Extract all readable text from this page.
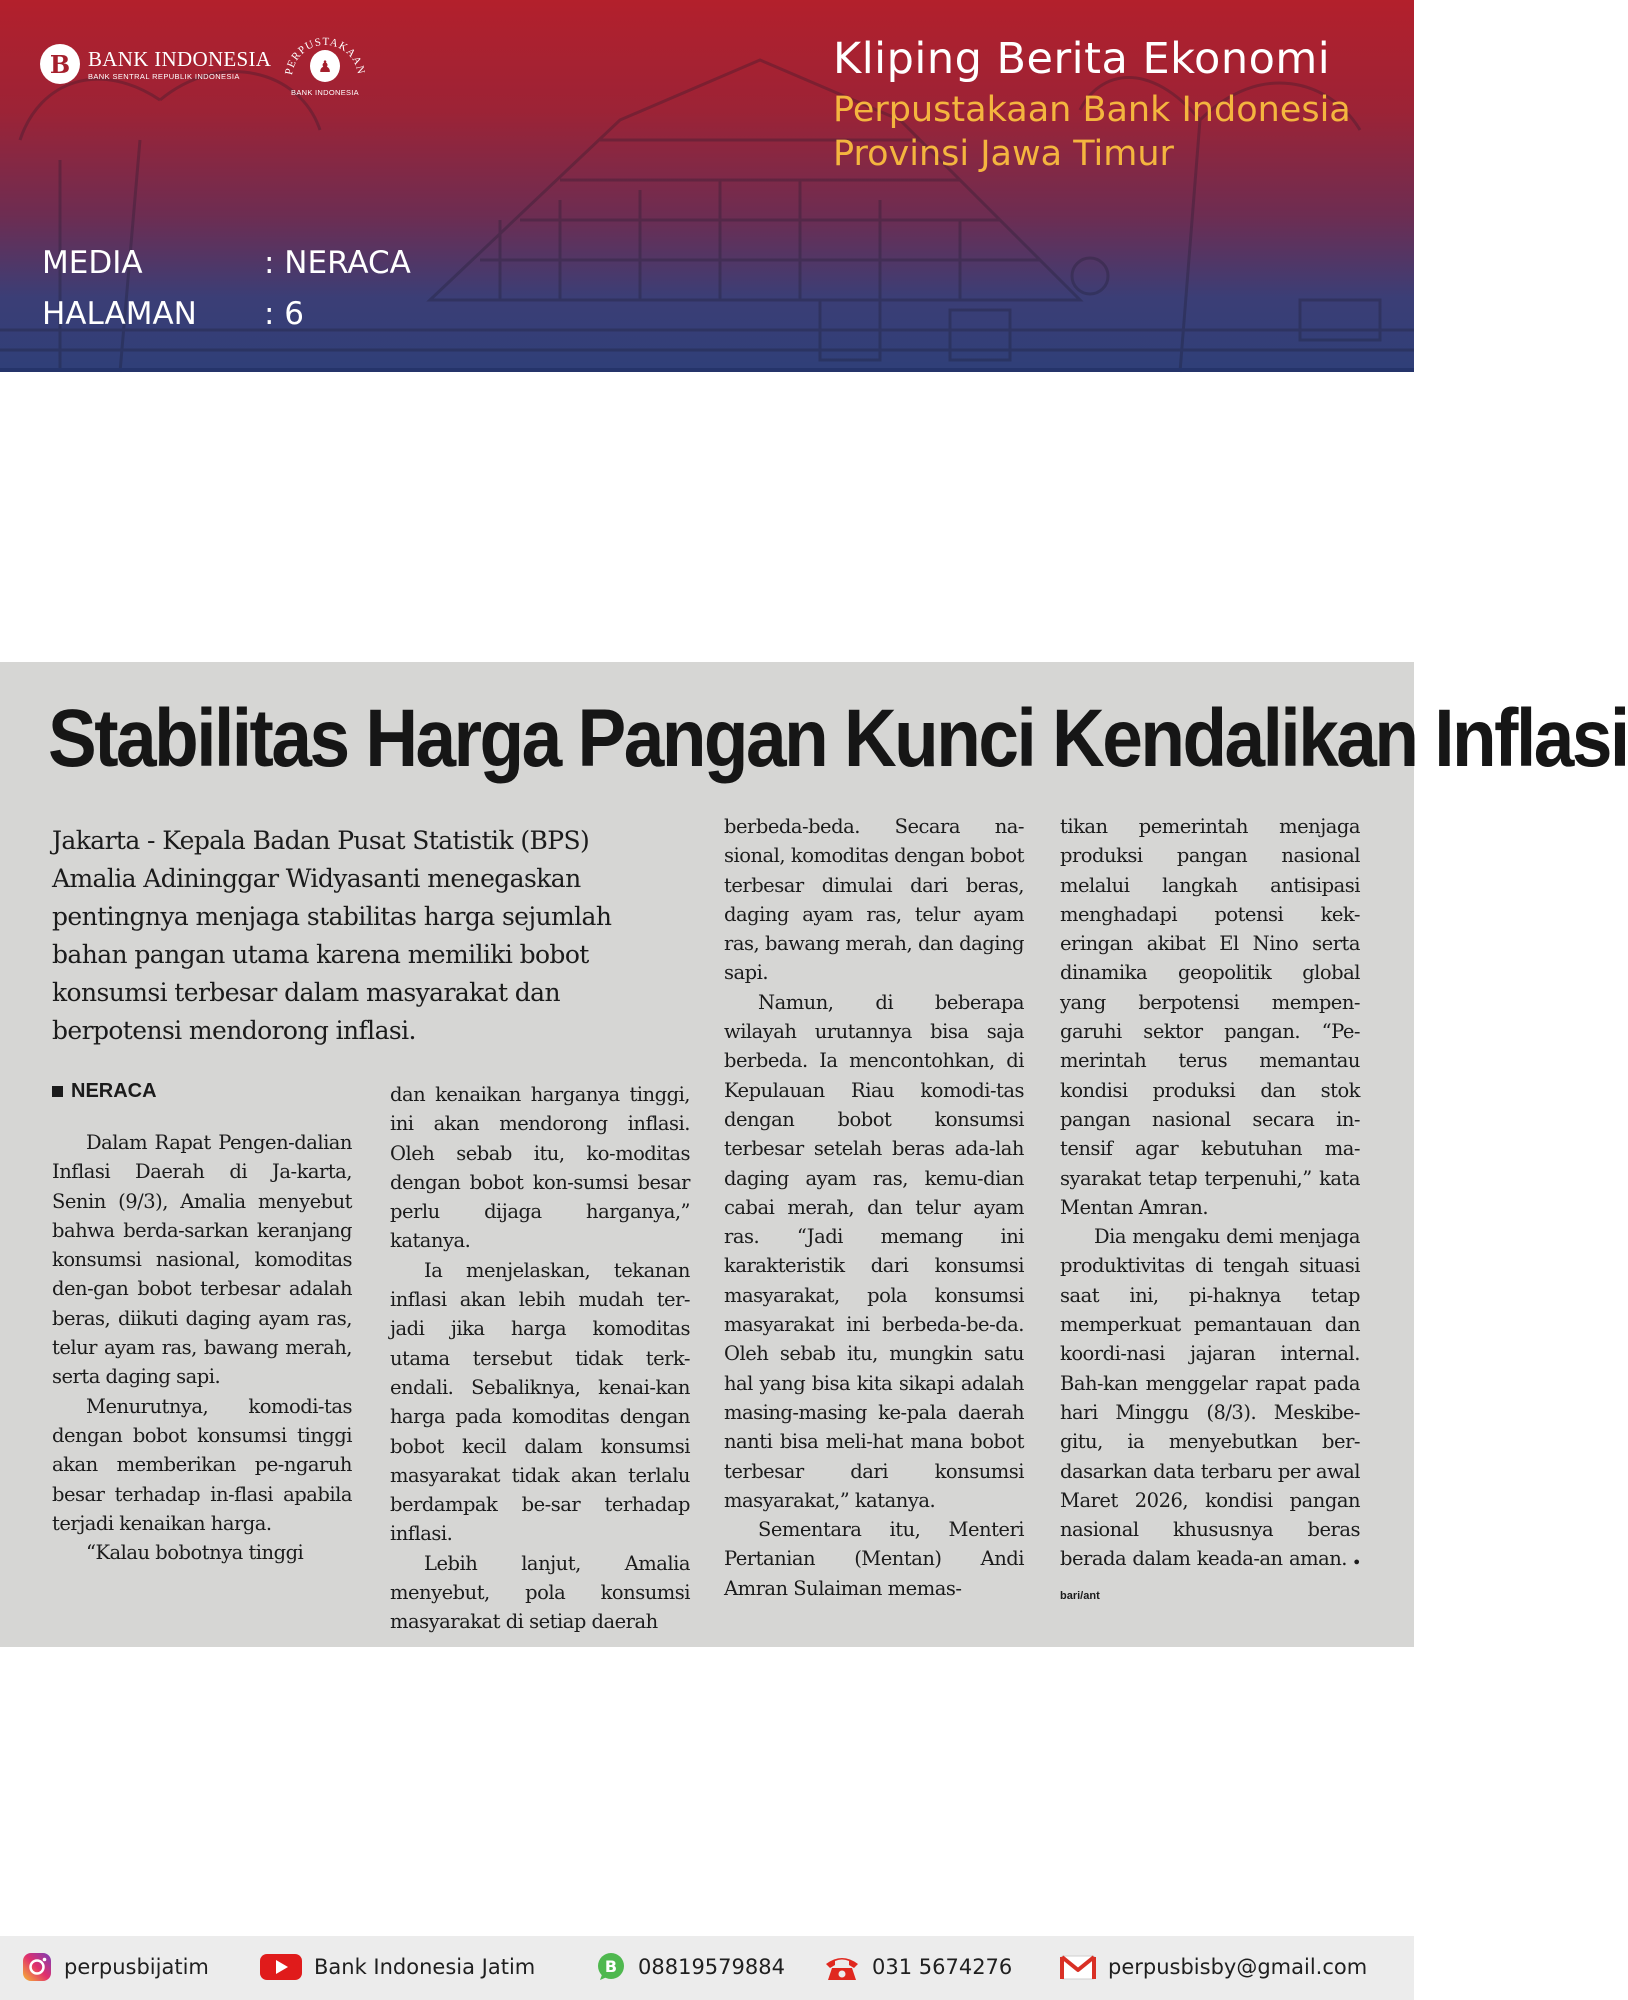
B BANK INDONESIA
BANK SENTRAL REPUBLIK INDONESIA
PERPUSTAKAAN
♟
BANK INDONESIA
Kliping Berita Ekonomi
Perpustakaan Bank Indonesia
Provinsi Jawa Timur
MEDIA	: NERACA
HALAMAN	: 6
Stabilitas Harga Pangan Kunci Kendalikan Inflasi
Jakarta - Kepala Badan Pusat Statistik (BPS) Amalia Adininggar Widyasanti menegaskan pentingnya menjaga stabilitas harga sejumlah bahan pangan utama karena memiliki bobot konsumsi terbesar dalam masyarakat dan berpotensi mendorong inflasi.
NERACA

Dalam Rapat Pengen-dalian Inflasi Daerah di Ja-karta, Senin (9/3), Amalia menyebut bahwa berda-sarkan keranjang konsumsi nasional, komoditas den-gan bobot terbesar adalah beras, diikuti daging ayam ras, telur ayam ras, bawang merah, serta daging sapi.

Menurutnya, komodi-tas dengan bobot konsumsi tinggi akan memberikan pe-ngaruh besar terhadap in-flasi apabila terjadi kenaikan harga.

“Kalau bobotnya tinggi

dan kenaikan harganya tinggi, ini akan mendorong inflasi. Oleh sebab itu, ko-moditas dengan bobot kon-sumsi besar perlu dijaga harganya,” katanya.

Ia menjelaskan, tekanan inflasi akan lebih mudah ter-jadi jika harga komoditas utama tersebut tidak terk-endali. Sebaliknya, kenai-kan harga pada komoditas dengan bobot kecil dalam konsumsi masyarakat tidak akan terlalu berdampak be-sar terhadap inflasi.

Lebih lanjut, Amalia menyebut, pola konsumsi masyarakat di setiap daerah

berbeda-beda. Secara na-sional, komoditas dengan bobot terbesar dimulai dari beras, daging ayam ras, telur ayam ras, bawang merah, dan daging sapi.

Namun, di beberapa wilayah urutannya bisa saja berbeda. Ia mencontohkan, di Kepulauan Riau komodi-tas dengan bobot konsumsi terbesar setelah beras ada-lah daging ayam ras, kemu-dian cabai merah, dan telur ayam ras. “Jadi memang ini karakteristik dari konsumsi masyarakat, pola konsumsi masyarakat ini berbeda-be-da. Oleh sebab itu, mungkin satu hal yang bisa kita sikapi adalah masing-masing ke-pala daerah nanti bisa meli-hat mana bobot terbesar dari konsumsi masyarakat,” katanya.

Sementara itu, Menteri Pertanian (Mentan) Andi Amran Sulaiman memas-

tikan pemerintah menjaga produksi pangan nasional melalui langkah antisipasi menghadapi potensi kek-eringan akibat El Nino serta dinamika geopolitik global yang berpotensi mempen-garuhi sektor pangan. “Pe-merintah terus memantau kondisi produksi dan stok pangan nasional secara in-tensif agar kebutuhan ma-syarakat tetap terpenuhi,” kata Mentan Amran.

Dia mengaku demi menjaga produktivitas di tengah situasi saat ini, pi-haknya tetap memperkuat pemantauan dan koordi-nasi jajaran internal. Bah-kan menggelar rapat pada hari Minggu (8/3). Meskibe-gitu, ia menyebutkan ber-dasarkan data terbaru per awal Maret 2026, kondisi pangan nasional khususnya beras berada dalam keada-an aman. ● bari/ant

perpusbijatim	Bank Indonesia Jatim	B 08819579884	031 5674276	perpusbisby@gmail.com
